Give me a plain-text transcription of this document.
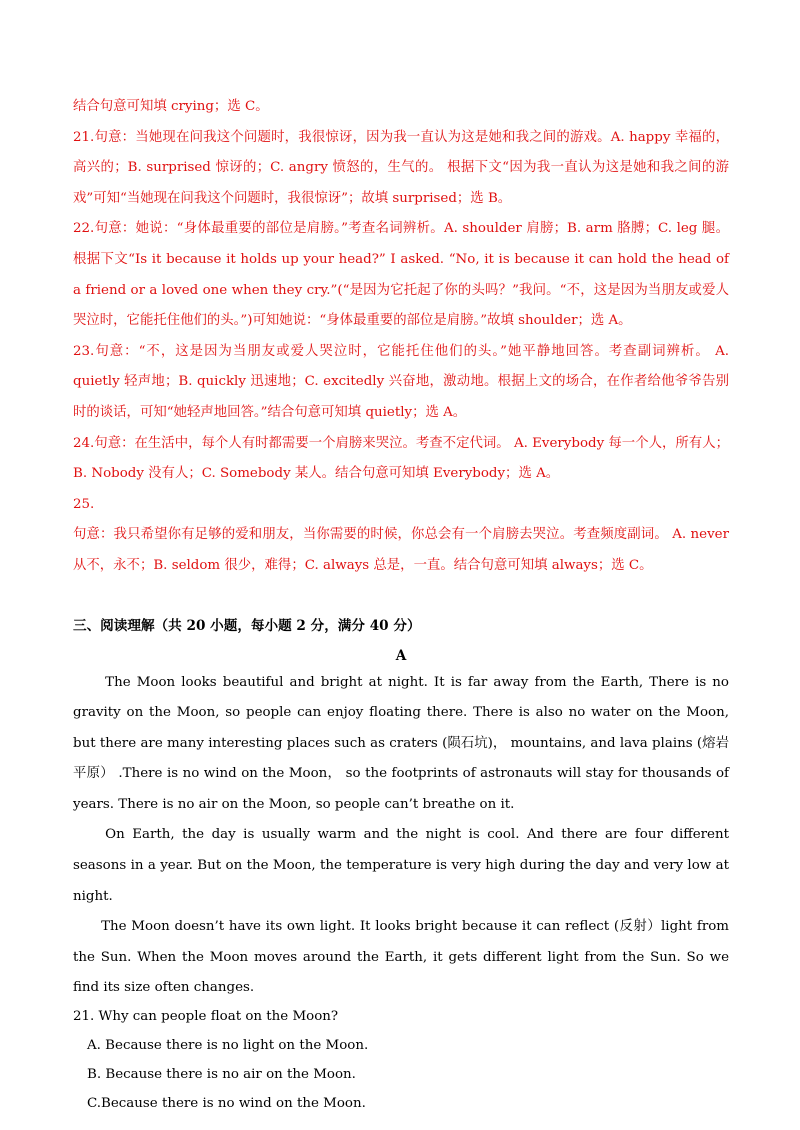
结合句意可知填 crying；选 C。

21.句意：当她现在问我这个问题时，我很惊讶，因为我一直认为这是她和我之间的游戏。A. happy 幸福的，高兴的；B. surprised 惊讶的；C. angry 愤怒的，生气的。 根据下文“因为我一直认为这是她和我之间的游戏”可知“当她现在问我这个问题时，我很惊讶”；故填 surprised；选 B。

22.句意：她说：“身体最重要的部位是肩膀。”考查名词辨析。A. shoulder 肩膀；B. arm 胳膊；C. leg 腿。根据下文“Is it because it holds up your head?” I asked. “No, it is because it can hold the head of a friend or a loved one when they cry.”(“是因为它托起了你的头吗？”我问。“不，这是因为当朋友或爱人哭泣时，它能托住他们的头。”)可知她说：“身体最重要的部位是肩膀。”故填 shoulder；选 A。

23.句意：“不，这是因为当朋友或爱人哭泣时，它能托住他们的头。”她平静地回答。考查副词辨析。 A. quietly 轻声地；B. quickly 迅速地；C. excitedly 兴奋地，激动地。根据上文的场合，在作者给他爷爷告别时的谈话，可知“她轻声地回答。”结合句意可知填 quietly；选 A。

24.句意：在生活中，每个人有时都需要一个肩膀来哭泣。考查不定代词。 A. Everybody 每一个人，所有人；B. Nobody 没有人；C. Somebody 某人。结合句意可知填 Everybody；选 A。

25.

句意：我只希望你有足够的爱和朋友，当你需要的时候，你总会有一个肩膀去哭泣。考查频度副词。 A. never 从不，永不；B. seldom 很少，难得；C. always 总是，一直。结合句意可知填 always；选 C。

三、阅读理解（共 20 小题，每小题 2 分，满分 40 分）
A

The Moon looks beautiful and bright at night. It is far away from the Earth, There is no gravity on the Moon, so people can enjoy floating there. There is also no water on the Moon, but there are many interesting places such as craters (陨石坑)， mountains, and lava plains (熔岩平原） .There is no wind on the Moon， so the footprints of astronauts will stay for thousands of years. There is no air on the Moon, so people can’t breathe on it.

On Earth, the day is usually warm and the night is cool. And there are four different seasons in a year. But on the Moon, the temperature is very high during the day and very low at night.

The Moon doesn’t have its own light. It looks bright because it can reflect (反射）light from the Sun. When the Moon moves around the Earth, it gets different light from the Sun. So we find its size often changes.

21. Why can people float on the Moon?

A. Because there is no light on the Moon.

B. Because there is no air on the Moon.

C.Because there is no wind on the Moon.
